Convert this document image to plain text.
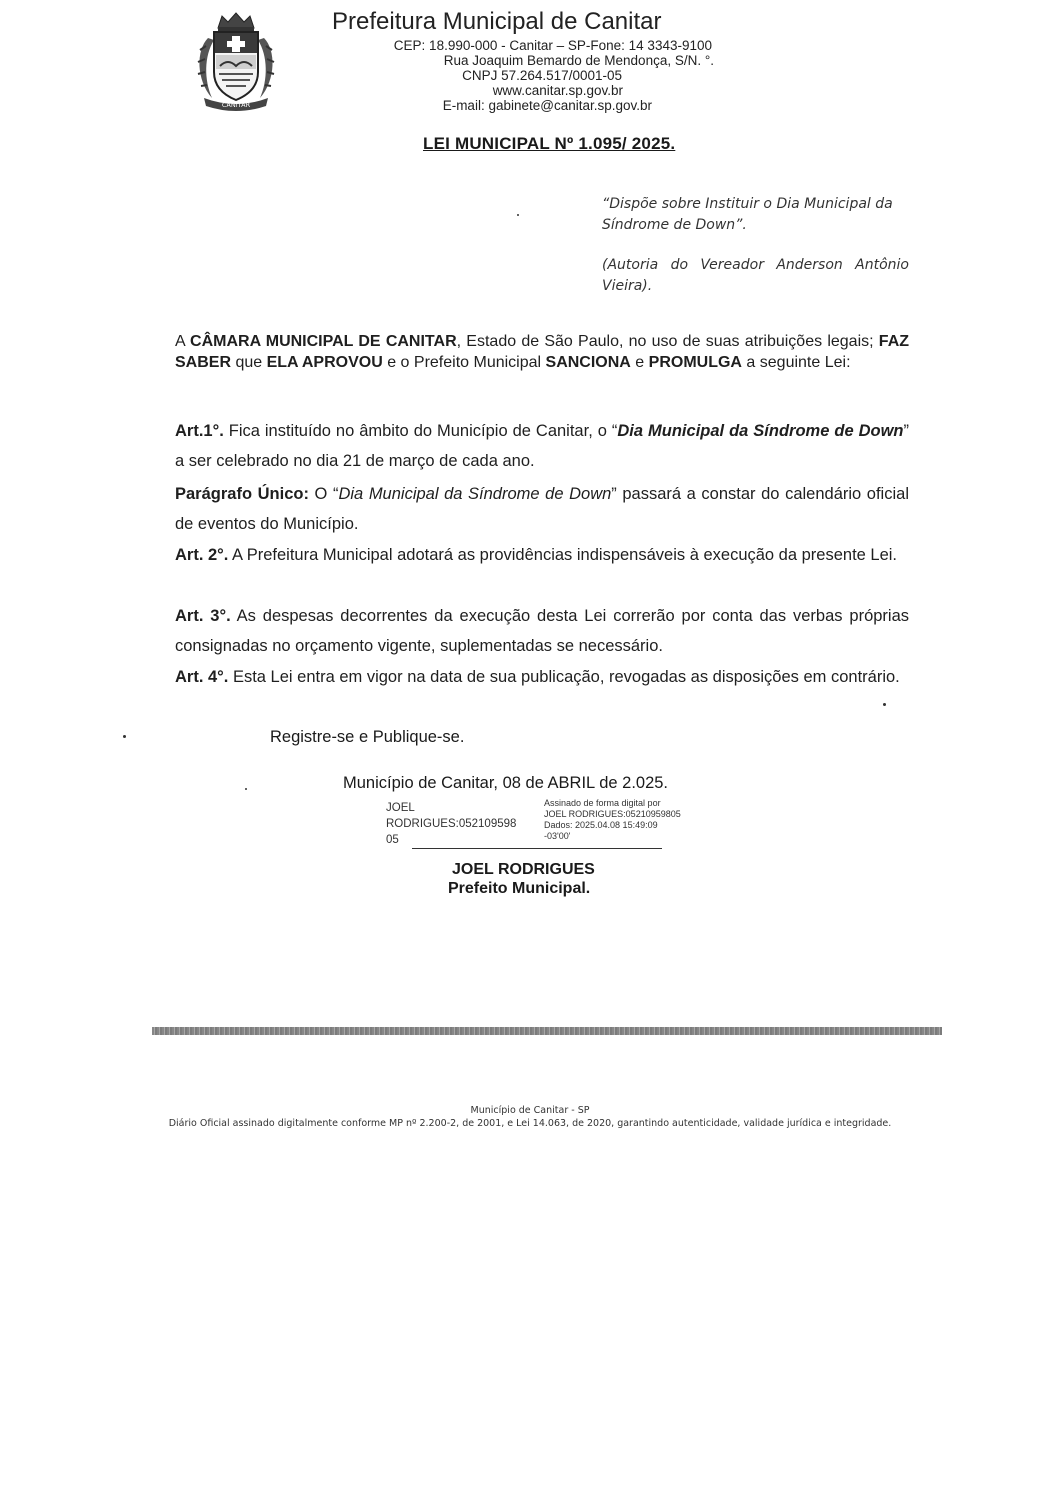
CANITAR
Prefeitura Municipal de Canitar
CEP: 18.990-000 - Canitar – SP-Fone: 14 3343-9100
Rua Joaquim Bemardo de Mendonça, S/N. °.
CNPJ 57.264.517/0001-05
www.canitar.sp.gov.br
E-mail: gabinete@canitar.sp.gov.br
LEI MUNICIPAL Nº 1.095/ 2025.
“Dispõe sobre Instituir o Dia Municipal da Síndrome de Down”.
(Autoria do Vereador Anderson Antônio Vieira).
A CÂMARA MUNICIPAL DE CANITAR, Estado de São Paulo, no uso de suas atribuições legais; FAZ SABER que ELA APROVOU e o Prefeito Municipal SANCIONA e PROMULGA a seguinte Lei:
Art.1°. Fica instituído no âmbito do Município de Canitar, o “Dia Municipal da Síndrome de Down” a ser celebrado no dia 21 de março de cada ano.
Parágrafo Único: O “Dia Municipal da Síndrome de Down” passará a constar do calendário oficial de eventos do Município.
Art. 2°. A Prefeitura Municipal adotará as providências indispensáveis à execução da presente Lei.
Art. 3°. As despesas decorrentes da execução desta Lei correrão por conta das verbas próprias consignadas no orçamento vigente, suplementadas se necessário.
Art. 4°. Esta Lei entra em vigor na data de sua publicação, revogadas as disposições em contrário.
Registre-se e Publique-se.
Município de Canitar, 08 de ABRIL de 2.025.
JOEL
RODRIGUES:052109598
05
Assinado de forma digital por
JOEL RODRIGUES:05210959805
Dados: 2025.04.08 15:49:09
-03'00'
JOEL RODRIGUES
Prefeito Municipal.
Município de Canitar - SP
Diário Oficial assinado digitalmente conforme MP nº 2.200-2, de 2001, e Lei 14.063, de 2020, garantindo autenticidade, validade jurídica e integridade.
